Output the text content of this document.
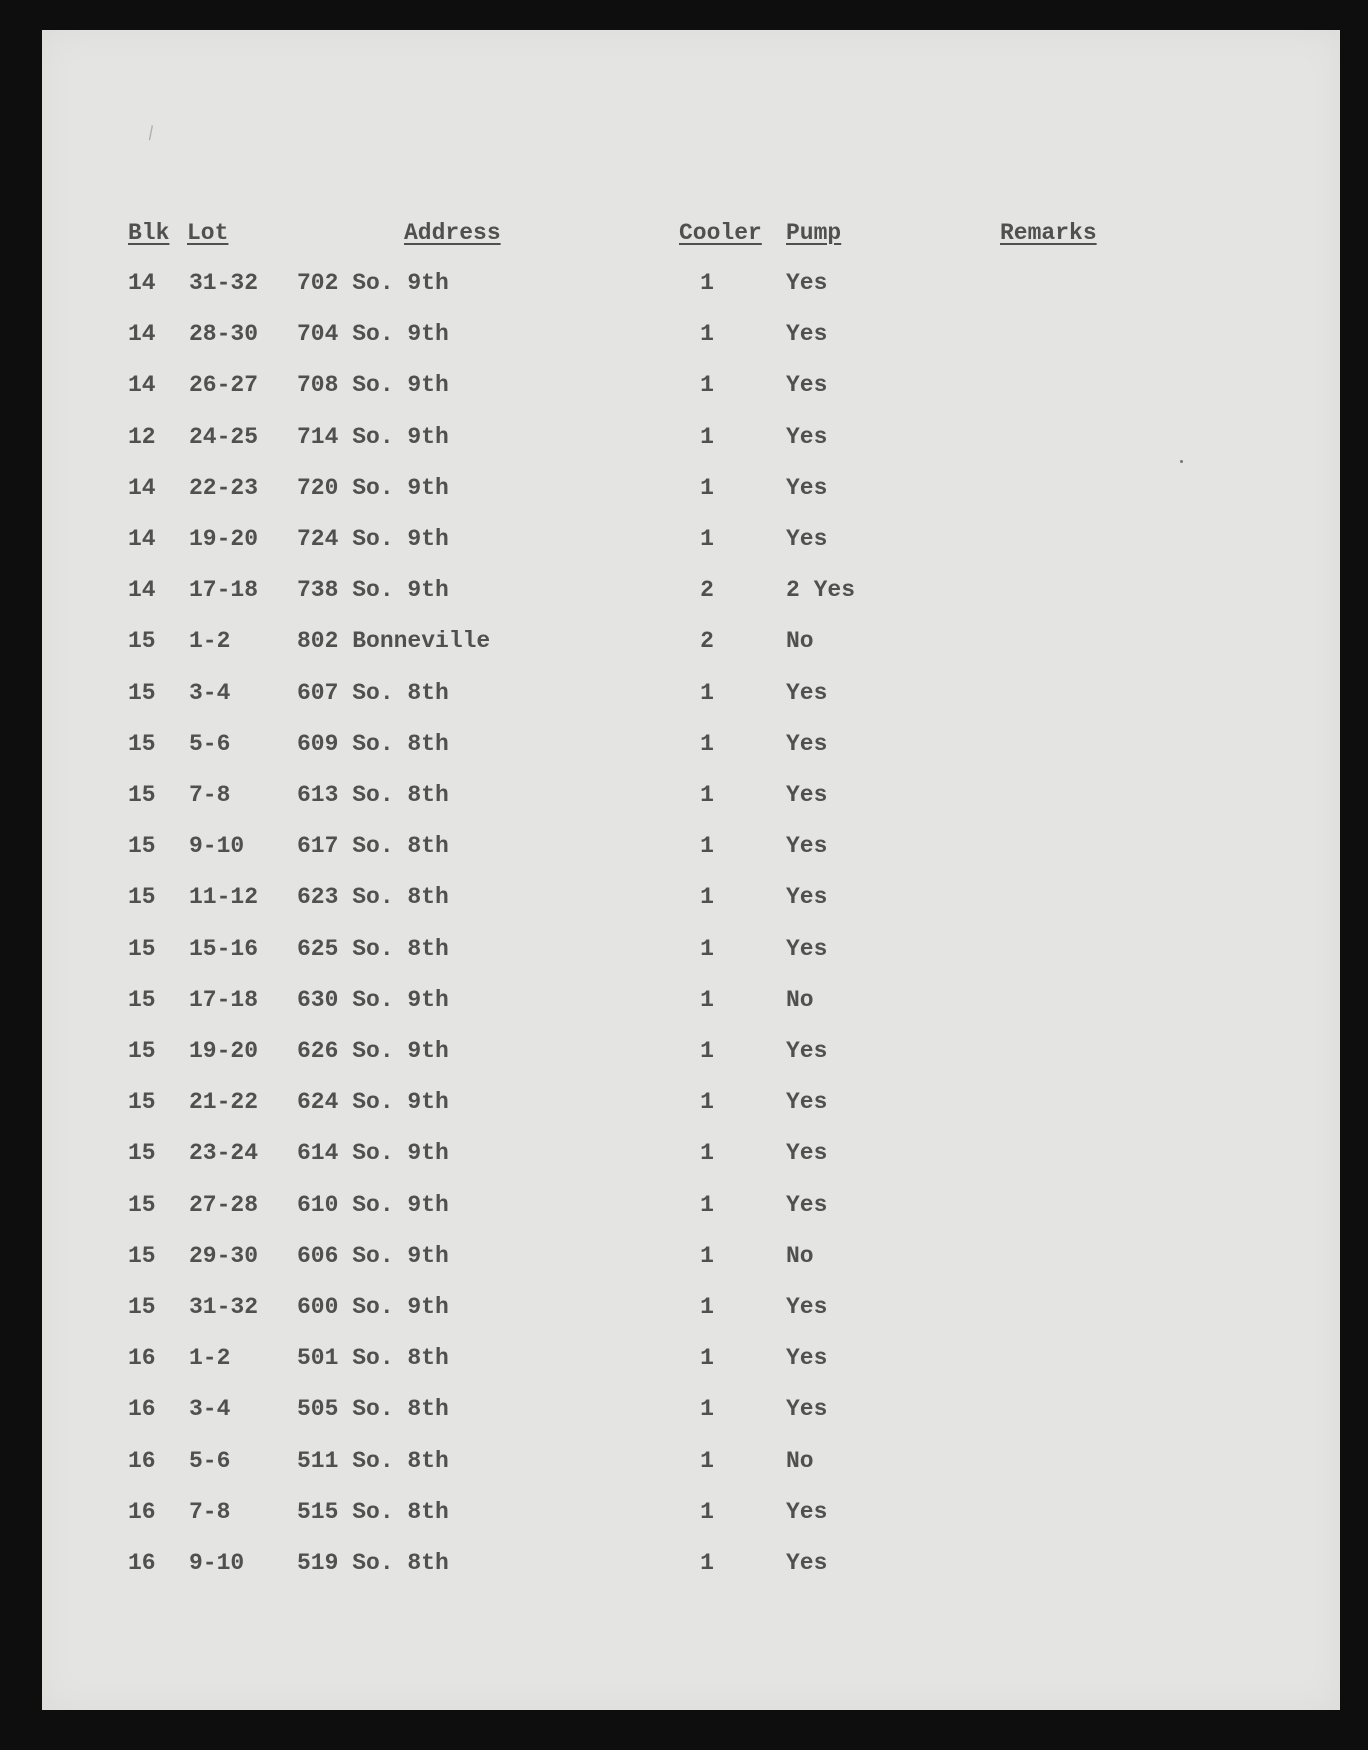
\
Blk Lot	Address	Cooler Pump	Remarks
14 31-32 702 So. 9th	1	Yes
14 28-30 704 So. 9th	1	Yes
14 26-27 708 So. 9th	1	Yes
12 24-25 714 So. 9th	1	Yes
14 22-23 720 So. 9th	1	Yes
14 19-20 724 So. 9th	1	Yes
14 17-18 738 So. 9th	2	2 Yes
15 1-2	802 Bonneville	2	No
15 3-4	607 So. 8th	1	Yes
15 5-6	609 So. 8th	1	Yes
15 7-8	613 So. 8th	1	Yes
15 9-10 617 So. 8th	1	Yes
15 11-12 623 So. 8th	1	Yes
15 15-16 625 So. 8th	1	Yes
15 17-18 630 So. 9th	1	No
15 19-20 626 So. 9th	1	Yes
15 21-22 624 So. 9th	1	Yes
15 23-24 614 So. 9th	1	Yes
15 27-28 610 So. 9th	1	Yes
15 29-30 606 So. 9th	1	No
15 31-32 600 So. 9th	1	Yes
16 1-2	501 So. 8th	1	Yes
16 3-4	505 So. 8th	1	Yes
16 5-6	511 So. 8th	1	No
16 7-8	515 So. 8th	1	Yes
16 9-10 519 So. 8th	1	Yes
